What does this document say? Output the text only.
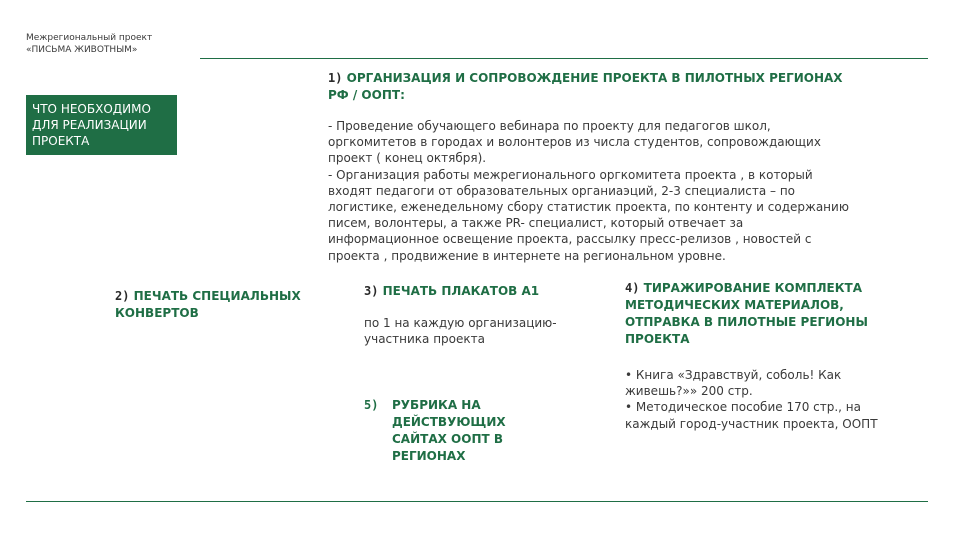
Межрегиональный проект
«ПИСЬМА ЖИВОТНЫМ»
ЧТО НЕОБХОДИМО ДЛЯ РЕАЛИЗАЦИИ ПРОЕКТА
1) ОРГАНИЗАЦИЯ И СОПРОВОЖДЕНИЕ ПРОЕКТА В ПИЛОТНЫХ РЕГИОНАХ РФ / ООПТ:

- Проведение обучающего вебинара по проекту для педагогов школ, оргкомитетов в городах и волонтеров из числа студентов, сопровождающих проект ( конец октября).

- Организация работы межрегионального оргкомитета проекта , в который входят педагоги от образовательных органиаэций, 2-3 специалиста – по логистике, еженедельному сбору статистик проекта, по контенту и содержанию писем, волонтеры, а также PR- специалист, который отвечает за информационное освещение проекта, рассылку пресс-релизов , новостей с проекта , продвижение в интернете на региональном уровне.

2) ПЕЧАТЬ СПЕЦИАЛЬНЫХ КОНВЕРТОВ
3) ПЕЧАТЬ ПЛАКАТОВ А1
по 1 на каждую организацию-участника проекта
4) ТИРАЖИРОВАНИЕ КОМПЛЕКТА МЕТОДИЧЕСКИХ МАТЕРИАЛОВ, ОТПРАВКА В ПИЛОТНЫЕ РЕГИОНЫ ПРОЕКТА

• Книга «Здравствуй, соболь! Как живешь?»» 200 стр.

• Методическое пособие 170 стр., на каждый город-участник проекта, ООПТ

5) РУБРИКА НА ДЕЙСТВУЮЩИХ САЙТАХ ООПТ В РЕГИОНАХ
